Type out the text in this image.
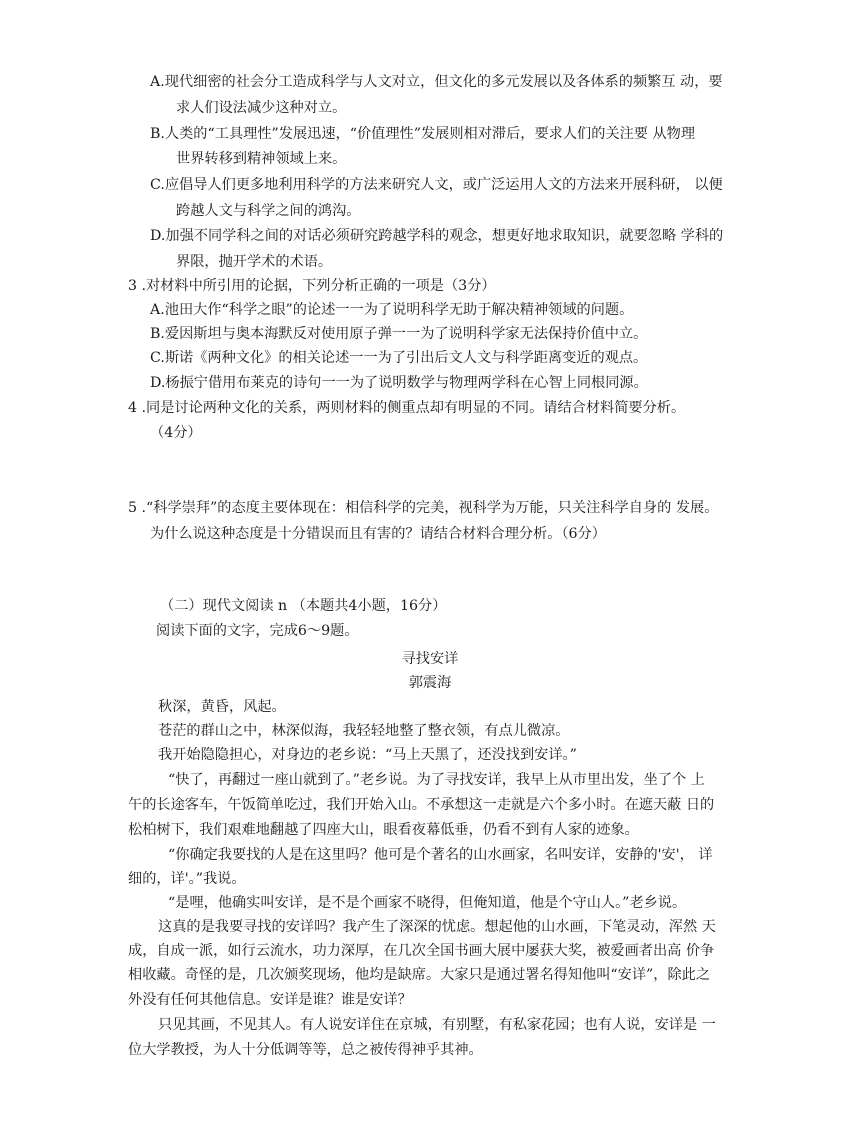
A.现代细密的社会分工造成科学与人文对立，但文化的多元发展以及各体系的频繁互 动，要
求人们设法减少这种对立。
B.人类的“工具理性”发展迅速，“价值理性”发展则相对滞后，要求人们的关注要 从物理
世界转移到精神领域上来。
C.应倡导人们更多地利用科学的方法来研究人文，或广泛运用人文的方法来开展科研， 以便
跨越人文与科学之间的鸿沟。
D.加强不同学科之间的对话必须研究跨越学科的观念，想更好地求取知识，就要忽略 学科的
界限，抛开学术的术语。
3 .对材料中所引用的论据，下列分析正确的一项是（3分）
A.池田大作“科学之眼”的论述一一为了说明科学无助于解决精神领域的问题。
B.爱因斯坦与奥本海默反对使用原子弹一一为了说明科学家无法保持价值中立。
C.斯诺《两种文化》的相关论述一一为了引出后文人文与科学距离变近的观点。
D.杨振宁借用布莱克的诗句一一为了说明数学与物理两学科在心智上同根同源。
4 .同是讨论两种文化的关系，两则材料的侧重点却有明显的不同。请结合材料简要分析。
（4分）
5 .“科学崇拜”的态度主要体现在：相信科学的完美，视科学为万能，只关注科学自身的 发展。
为什么说这种态度是十分错误而且有害的？请结合材料合理分析。（6分）
（二）现代文阅读 n （本题共4小题，16分）
阅读下面的文字，完成6～9题。
寻找安详
郭震海
秋深，黄昏，风起。
苍茫的群山之中，林深似海，我轻轻地整了整衣领，有点儿微凉。
我开始隐隐担心，对身边的老乡说：“马上天黑了，还没找到安详。”
“快了，再翻过一座山就到了。”老乡说。为了寻找安详，我早上从市里出发，坐了个 上
午的长途客车，午饭简单吃过，我们开始入山。不承想这一走就是六个多小时。在遮天蔽 日的
松柏树下，我们艰难地翻越了四座大山，眼看夜幕低垂，仍看不到有人家的迹象。
“你确定我要找的人是在这里吗？他可是个著名的山水画家，名叫安详，安静的'安'， 详
细的，详'。”我说。
“是哩，他确实叫安详，是不是个画家不晓得，但俺知道，他是个守山人。”老乡说。
这真的是我要寻找的安详吗？我产生了深深的忧虑。想起他的山水画，下笔灵动，浑然 天
成，自成一派，如行云流水，功力深厚，在几次全国书画大展中屡获大奖，被爱画者出高 价争
相收藏。奇怪的是，几次颁奖现场，他均是缺席。大家只是通过署名得知他叫“安详”，除此之
外没有任何其他信息。安详是谁？谁是安详？
只见其画，不见其人。有人说安详住在京城，有别墅，有私家花园；也有人说，安详是 一
位大学教授，为人十分低调等等，总之被传得神乎其神。
